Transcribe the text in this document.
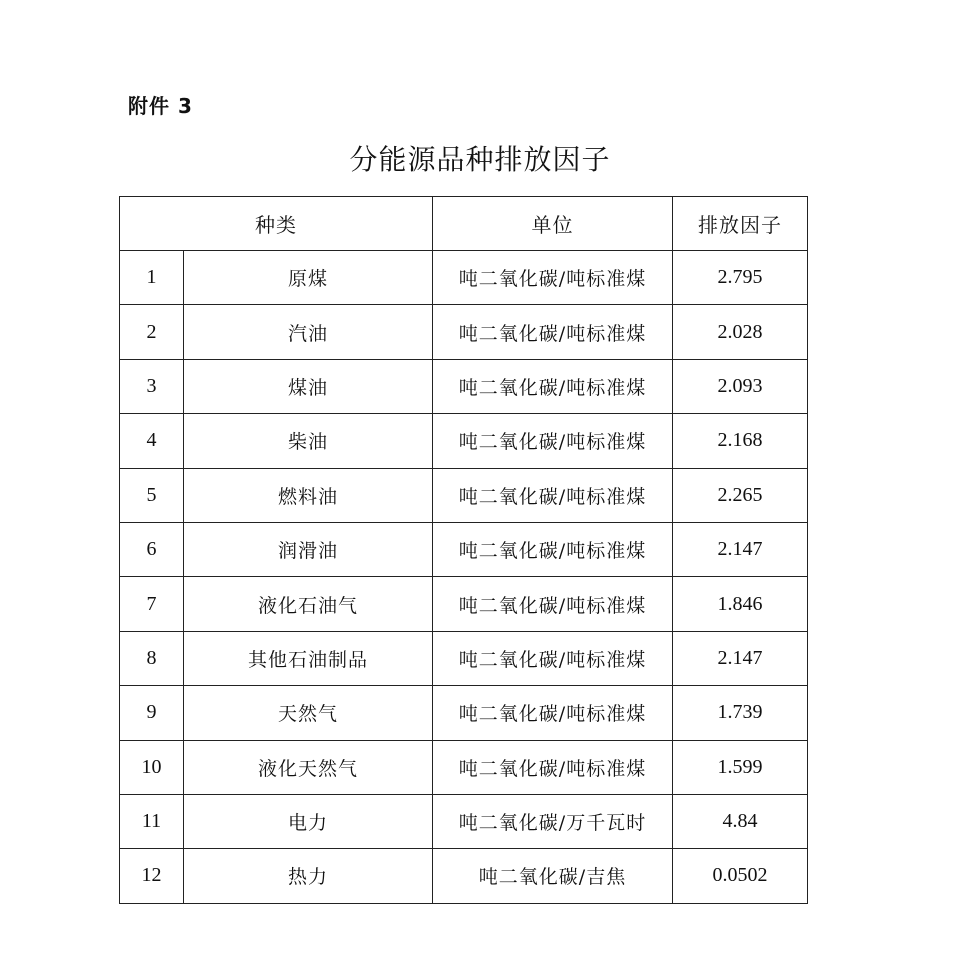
附件 3
分能源品种排放因子
种类		单位	排放因子
1	原煤	吨二氧化碳/吨标准煤	2.795
2	汽油	吨二氧化碳/吨标准煤	2.028
3	煤油	吨二氧化碳/吨标准煤	2.093
4	柴油	吨二氧化碳/吨标准煤	2.168
5	燃料油	吨二氧化碳/吨标准煤	2.265
6	润滑油	吨二氧化碳/吨标准煤	2.147
7	液化石油气	吨二氧化碳/吨标准煤	1.846
8	其他石油制品	吨二氧化碳/吨标准煤	2.147
9	天然气	吨二氧化碳/吨标准煤	1.739
10	液化天然气	吨二氧化碳/吨标准煤	1.599
11	电力	吨二氧化碳/万千瓦时	4.84
12	热力	吨二氧化碳/吉焦	0.0502
